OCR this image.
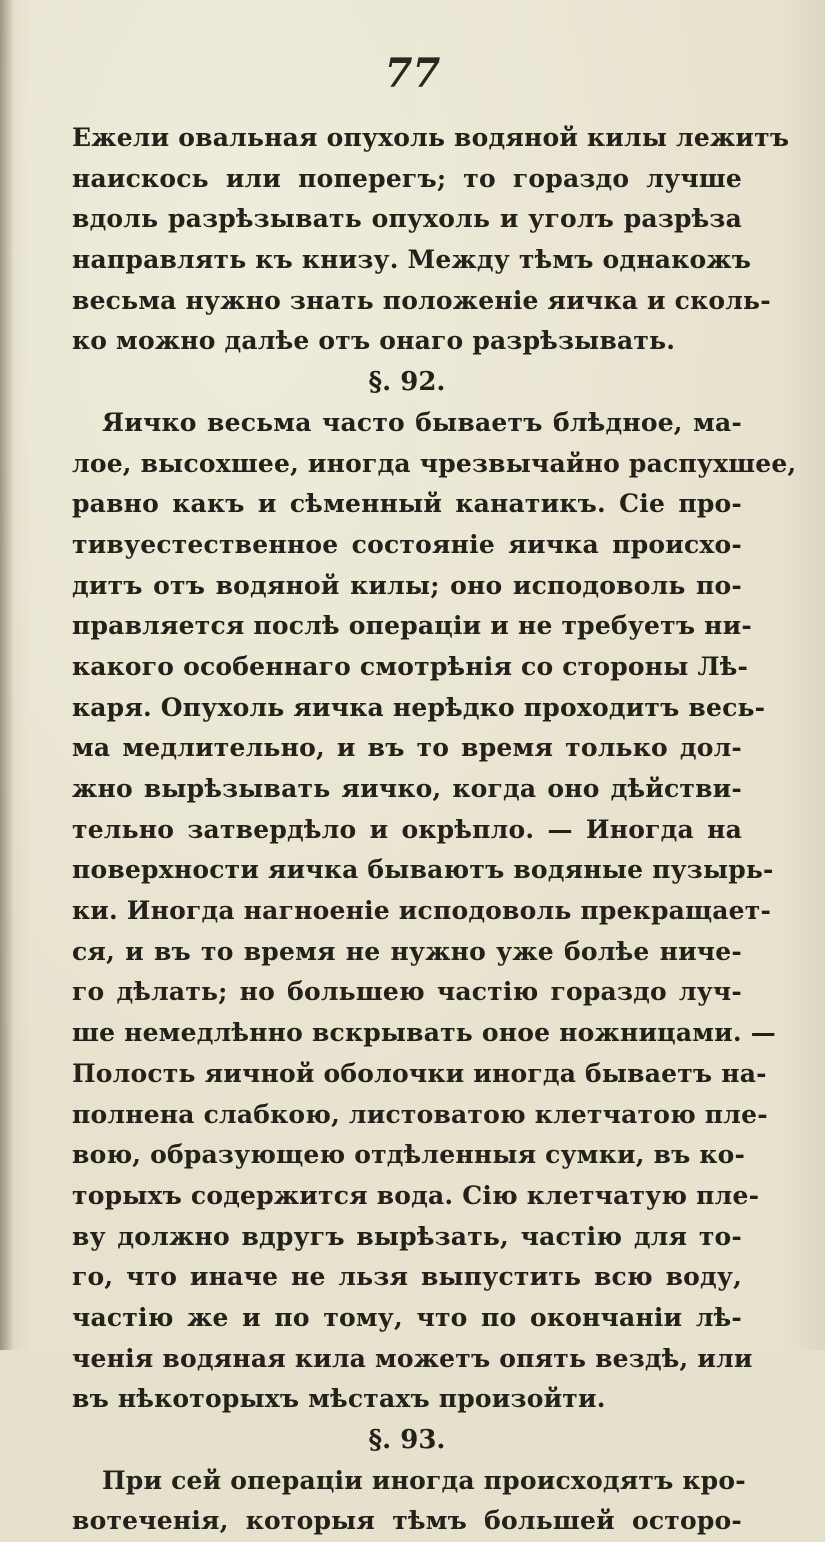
77
Ежели овальная опухоль водяной килы лежитъ
наискось или поперегъ; то гораздо лучше
вдоль разрѣзывать опухоль и уголъ разрѣза
направлять къ книзу. Между тѣмъ однакожъ
весьма нужно знать положенiе яичка и сколь-
ко можно далѣе отъ онаго разрѣзывать.
§. 92.
Яичко весьма часто бываетъ блѣдное, ма-
лое, высохшее, иногда чрезвычайно распухшее,
равно какъ и сѣменный канатикъ. Сiе про-
тивуестественное состоянiе яичка происхо-
дитъ отъ водяной килы; оно исподоволь по-
правляется послѣ операцiи и не требуетъ ни-
какого особеннаго смотрѣнiя со стороны Лѣ-
каря. Опухоль яичка нерѣдко проходитъ весь-
ма медлительно, и въ то время только дол-
жно вырѣзывать яичко, когда оно дѣйстви-
тельно затвердѣло и окрѣпло. — Иногда на
поверхности яичка бываютъ водяные пузырь-
ки. Иногда нагноенiе исподоволь прекращает-
ся, и въ то время не нужно уже болѣе ниче-
го дѣлать; но большею частiю гораздо луч-
ше немедлѣнно вскрывать оное ножницами. —
Полость яичной оболочки иногда бываетъ на-
полнена слабкою, листоватою клетчатою пле-
вою, образующею отдѣленныя сумки, въ ко-
торыхъ содержится вода. Сiю клетчатую пле-
ву должно вдругъ вырѣзать, частiю для то-
го, что иначе не льзя выпустить всю воду,
частiю же и по тому, что по окончанiи лѣ-
ченiя водяная кила можетъ опять вездѣ, или
въ нѣкоторыхъ мѣстахъ произойти.
§. 93.
При сей операцiи иногда происходятъ кро-
вотеченiя, которыя тѣмъ большей осторо-
